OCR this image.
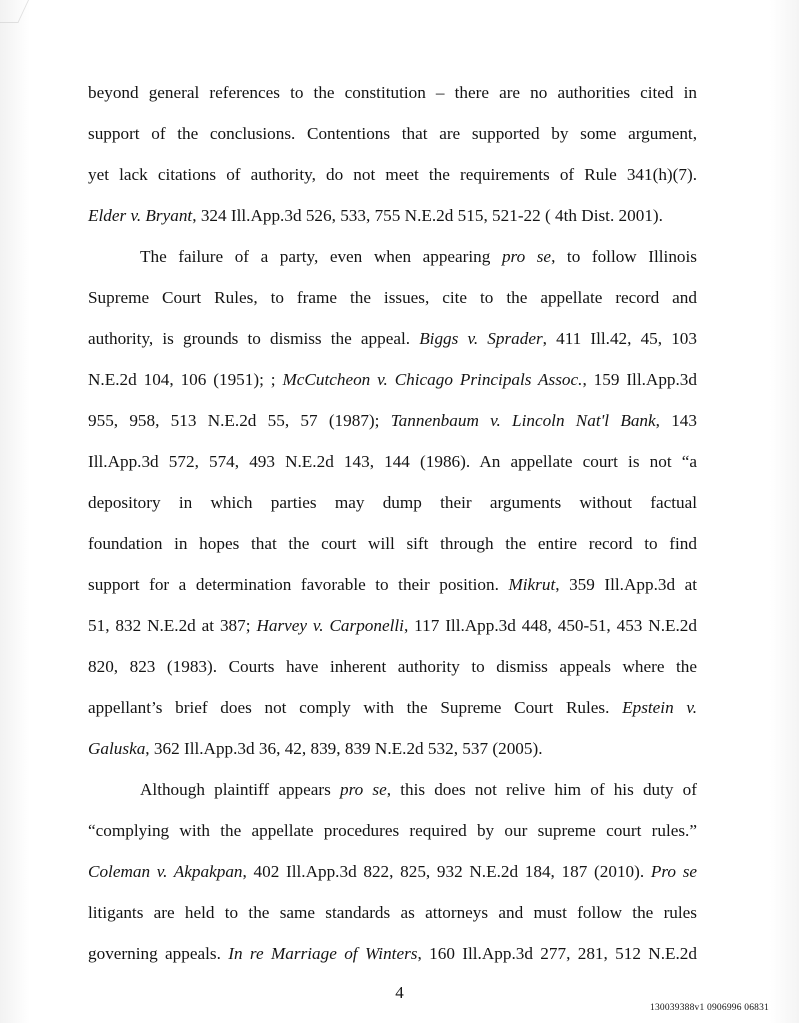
beyond general references to the constitution – there are no authorities cited in
support of the conclusions. Contentions that are supported by some argument,
yet lack citations of authority, do not meet the requirements of Rule 341(h)(7).
Elder v. Bryant, 324 Ill.App.3d 526, 533, 755 N.E.2d 515, 521-22 ( 4th Dist. 2001).
The failure of a party, even when appearing pro se, to follow Illinois
Supreme Court Rules, to frame the issues, cite to the appellate record and
authority, is grounds to dismiss the appeal. Biggs v. Sprader, 411 Ill.42, 45, 103
N.E.2d 104, 106 (1951); ; McCutcheon v. Chicago Principals Assoc., 159 Ill.App.3d
955, 958, 513 N.E.2d 55, 57 (1987); Tannenbaum v. Lincoln Nat'l Bank, 143
Ill.App.3d 572, 574, 493 N.E.2d 143, 144 (1986). An appellate court is not “a
depository in which parties may dump their arguments without factual
foundation in hopes that the court will sift through the entire record to find
support for a determination favorable to their position. Mikrut, 359 Ill.App.3d at
51, 832 N.E.2d at 387; Harvey v. Carponelli, 117 Ill.App.3d 448, 450-51, 453 N.E.2d
820, 823 (1983). Courts have inherent authority to dismiss appeals where the
appellant’s brief does not comply with the Supreme Court Rules. Epstein v.
Galuska, 362 Ill.App.3d 36, 42, 839, 839 N.E.2d 532, 537 (2005).
Although plaintiff appears pro se, this does not relive him of his duty of
“complying with the appellate procedures required by our supreme court rules.”
Coleman v. Akpakpan, 402 Ill.App.3d 822, 825, 932 N.E.2d 184, 187 (2010). Pro se
litigants are held to the same standards as attorneys and must follow the rules
governing appeals. In re Marriage of Winters, 160 Ill.App.3d 277, 281, 512 N.E.2d
4
130039388v1 0906996 06831
